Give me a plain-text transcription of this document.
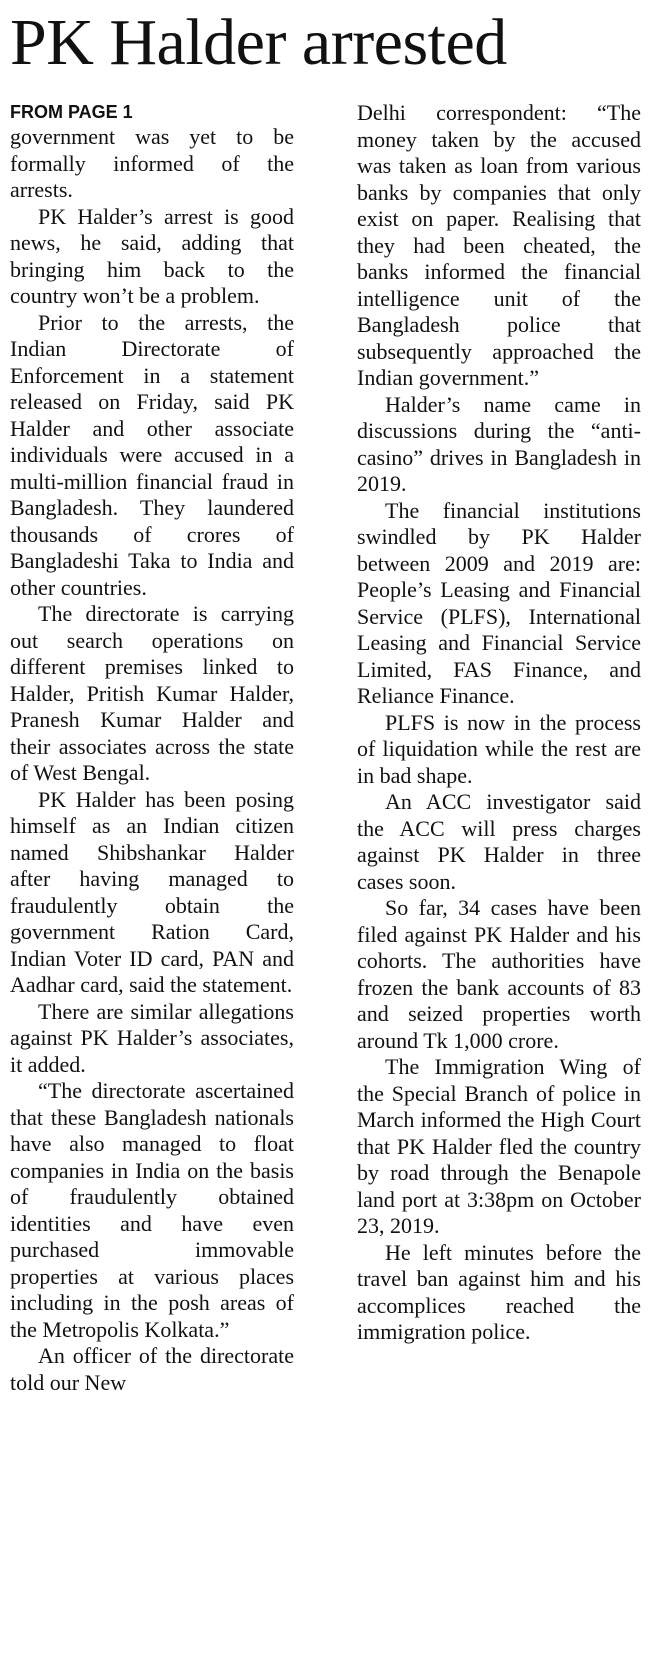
PK Halder arrested
FROM PAGE 1

government was yet to be formally informed of the arrests.

PK Halder’s arrest is good news, he said, adding that bringing him back to the country won’t be a problem.

Prior to the arrests, the Indian Directorate of Enforcement in a statement released on Friday, said PK Halder and other associate individuals were accused in a multi-million financial fraud in Bangladesh. They laundered thousands of crores of Bangladeshi Taka to India and other countries.

The directorate is carrying out search operations on different premises linked to Halder, Pritish Kumar Halder, Pranesh Kumar Halder and their associates across the state of West Bengal.

PK Halder has been posing himself as an Indian citizen named Shibshankar Halder after having managed to fraudulently obtain the government Ration Card, Indian Voter ID card, PAN and Aadhar card, said the statement.

There are similar allegations against PK Halder’s associates, it added.

“The directorate ascertained that these Bangladesh nationals have also managed to float companies in India on the basis of fraudulently obtained identities and have even purchased immovable properties at various places including in the posh areas of the Metropolis Kolkata.”

An officer of the directorate told our New

Delhi correspondent: “The money taken by the accused was taken as loan from various banks by companies that only exist on paper. Realising that they had been cheated, the banks informed the financial intelligence unit of the Bangladesh police that subsequently approached the Indian government.”

Halder’s name came in discussions during the “anti-casino” drives in Bangladesh in 2019.

The financial institutions swindled by PK Halder between 2009 and 2019 are: People’s Leasing and Financial Service (PLFS), International Leasing and Financial Service Limited, FAS Finance, and Reliance Finance.

PLFS is now in the process of liquidation while the rest are in bad shape.

An ACC investigator said the ACC will press charges against PK Halder in three cases soon.

So far, 34 cases have been filed against PK Halder and his cohorts. The authorities have frozen the bank accounts of 83 and seized properties worth around Tk 1,000 crore.

The Immigration Wing of the Special Branch of police in March informed the High Court that PK Halder fled the country by road through the Benapole land port at 3:38pm on October 23, 2019.

He left minutes before the travel ban against him and his accomplices reached the immigration police.
